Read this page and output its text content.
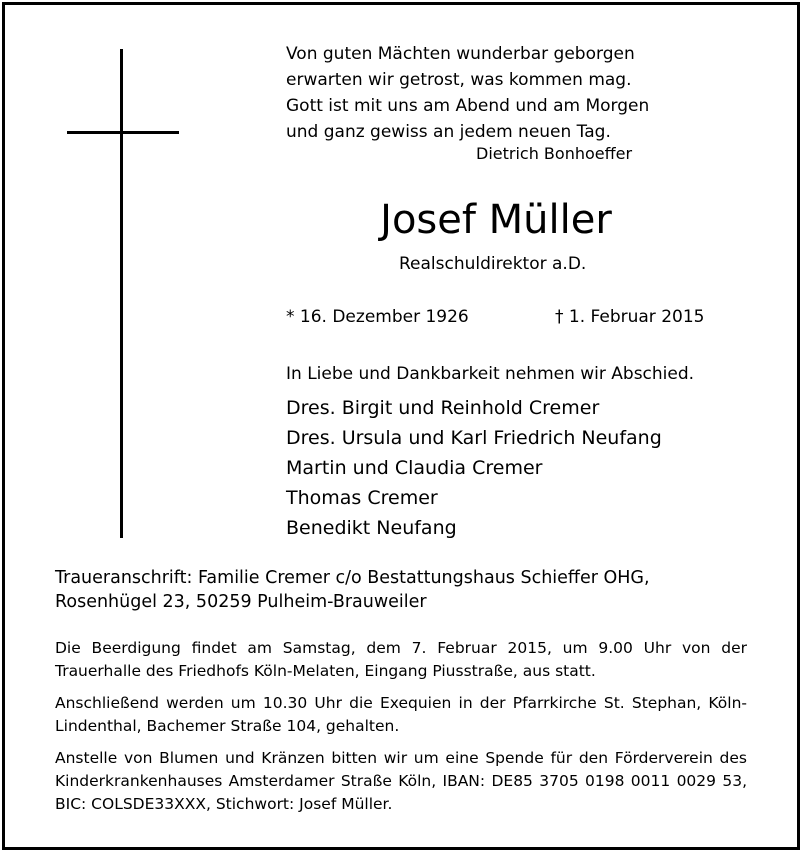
Von guten Mächten wunderbar geborgen
erwarten wir getrost, was kommen mag.
Gott ist mit uns am Abend und am Morgen
und ganz gewiss an jedem neuen Tag.
Dietrich Bonhoeffer
Josef Müller
Realschuldirektor a.D.
* 16. Dezember 1926	† 1. Februar 2015
In Liebe und Dankbarkeit nehmen wir Abschied.
Dres. Birgit und Reinhold Cremer
Dres. Ursula und Karl Friedrich Neufang
Martin und Claudia Cremer
Thomas Cremer
Benedikt Neufang
Traueranschrift: Familie Cremer c/o Bestattungshaus Schieffer OHG,
Rosenhügel 23, 50259 Pulheim-Brauweiler
Die Beerdigung findet am Samstag, dem 7. Februar 2015, um 9.00 Uhr von der
Trauerhalle des Friedhofs Köln-Melaten, Eingang Piusstraße, aus statt.
Anschließend werden um 10.30 Uhr die Exequien in der Pfarrkirche St. Stephan, Köln-
Lindenthal, Bachemer Straße 104, gehalten.
Anstelle von Blumen und Kränzen bitten wir um eine Spende für den Förderverein des
Kinderkrankenhauses Amsterdamer Straße Köln, IBAN: DE85 3705 0198 0011 0029 53,
BIC: COLSDE33XXX, Stichwort: Josef Müller.
